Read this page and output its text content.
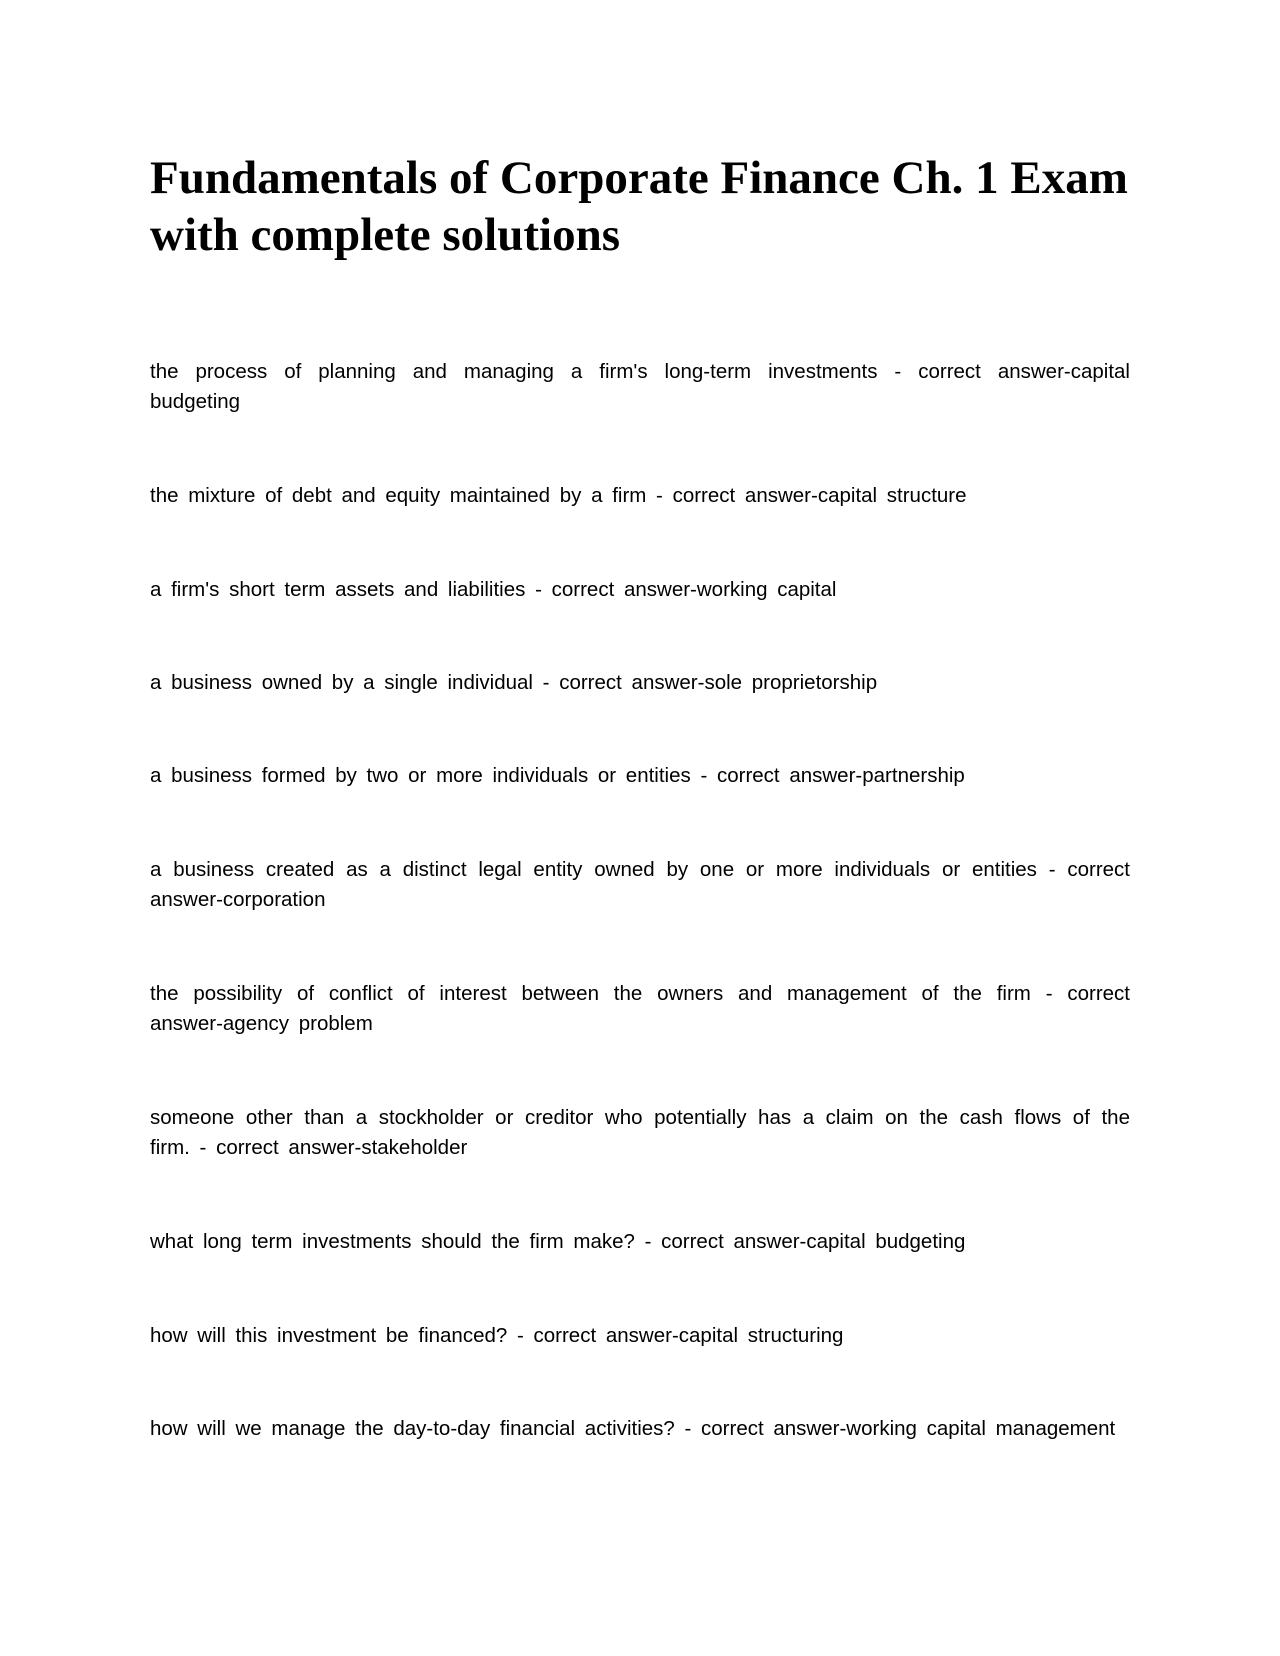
Fundamentals of Corporate Finance Ch. 1 Exam with complete solutions

the process of planning and managing a firm's long-term investments - correct answer-capital budgeting

the mixture of debt and equity maintained by a firm - correct answer-capital structure

a firm's short term assets and liabilities - correct answer-working capital

a business owned by a single individual - correct answer-sole proprietorship

a business formed by two or more individuals or entities - correct answer-partnership

a business created as a distinct legal entity owned by one or more individuals or entities - correct answer-corporation

the possibility of conflict of interest between the owners and management of the firm - correct answer-agency problem

someone other than a stockholder or creditor who potentially has a claim on the cash flows of the firm. - correct answer-stakeholder

what long term investments should the firm make? - correct answer-capital budgeting

how will this investment be financed? - correct answer-capital structuring

how will we manage the day-to-day financial activities? - correct answer-working capital management
